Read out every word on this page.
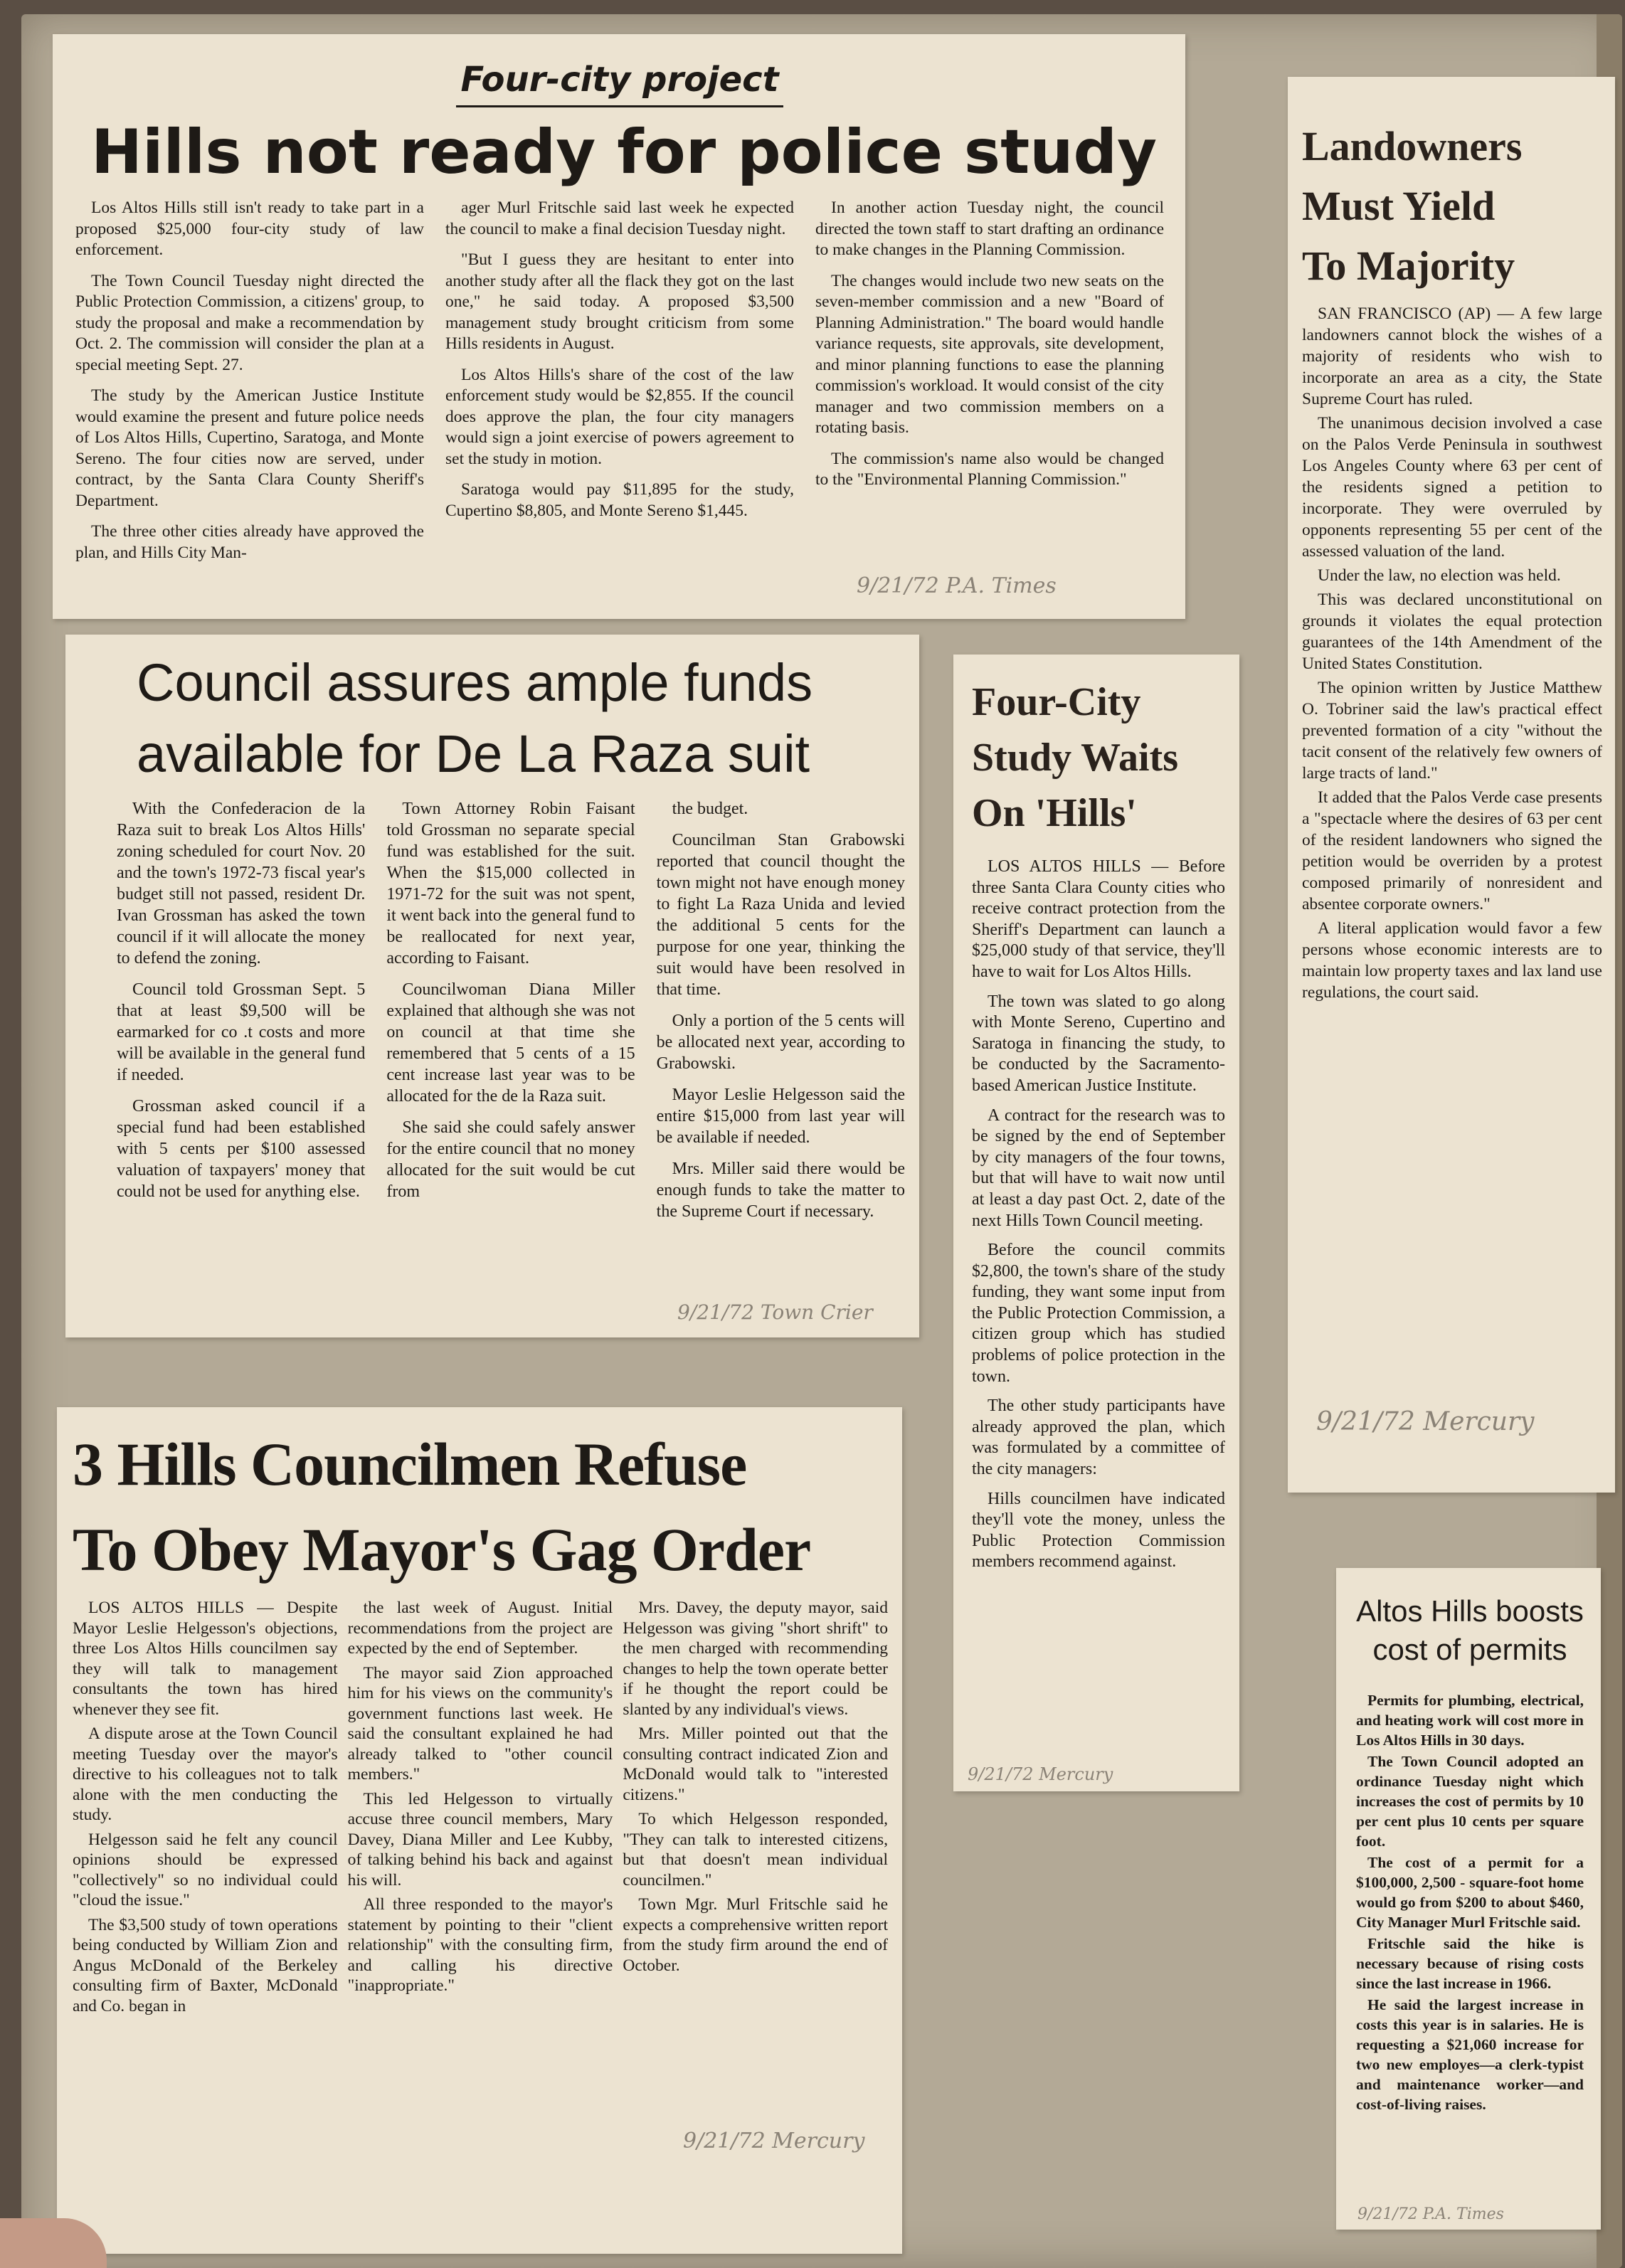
Four-city project
Hills not ready for police study

Los Altos Hills still isn't ready to take part in a proposed $25,000 four-city study of law enforcement.

The Town Council Tuesday night directed the Public Protection Commission, a citizens' group, to study the proposal and make a recommendation by Oct. 2. The commission will consider the plan at a special meeting Sept. 27.

The study by the American Justice Institute would examine the present and future police needs of Los Altos Hills, Cupertino, Saratoga, and Monte Sereno. The four cities now are served, under contract, by the Santa Clara County Sheriff's Department.

The three other cities already have approved the plan, and Hills City Man-

ager Murl Fritschle said last week he expected the council to make a final decision Tuesday night.

"But I guess they are hesitant to enter into another study after all the flack they got on the last one," he said today. A proposed $3,500 management study brought criticism from some Hills residents in August.

Los Altos Hills's share of the cost of the law enforcement study would be $2,855. If the council does approve the plan, the four city managers would sign a joint exercise of powers agreement to set the study in motion.

Saratoga would pay $11,895 for the study, Cupertino $8,805, and Monte Sereno $1,445.

In another action Tuesday night, the council directed the town staff to start drafting an ordinance to make changes in the Planning Commission.

The changes would include two new seats on the seven-member commission and a new "Board of Planning Administration." The board would handle variance requests, site approvals, site development, and minor planning functions to ease the planning commission's workload. It would consist of the city manager and two commission members on a rotating basis.

The commission's name also would be changed to the "Environmental Planning Commission."

9/21/72 P.A. Times
Council assures ample funds available for De La Raza suit

With the Confederacion de la Raza suit to break Los Altos Hills' zoning scheduled for court Nov. 20 and the town's 1972-73 fiscal year's budget still not passed, resident Dr. Ivan Grossman has asked the town council if it will allocate the money to defend the zoning.

Council told Grossman Sept. 5 that at least $9,500 will be earmarked for co .t costs and more will be available in the general fund if needed.

Grossman asked council if a special fund had been established with 5 cents per $100 assessed valuation of taxpayers' money that could not be used for anything else.

Town Attorney Robin Faisant told Grossman no separate special fund was established for the suit. When the $15,000 collected in 1971-72 for the suit was not spent, it went back into the general fund to be reallocated for next year, according to Faisant.

Councilwoman Diana Miller explained that although she was not on council at that time she remembered that 5 cents of a 15 cent increase last year was to be allocated for the de la Raza suit.

She said she could safely answer for the entire council that no money allocated for the suit would be cut from

the budget.

Councilman Stan Grabowski reported that council thought the town might not have enough money to fight La Raza Unida and levied the additional 5 cents for the purpose for one year, thinking the suit would have been resolved in that time.

Only a portion of the 5 cents will be allocated next year, according to Grabowski.

Mayor Leslie Helgesson said the entire $15,000 from last year will be available if needed.

Mrs. Miller said there would be enough funds to take the matter to the Supreme Court if necessary.

9/21/72 Town Crier
3 Hills Councilmen Refuse
To Obey Mayor's Gag Order

LOS ALTOS HILLS — Despite Mayor Leslie Helgesson's objections, three Los Altos Hills councilmen say they will talk to management consultants the town has hired whenever they see fit.

A dispute arose at the Town Council meeting Tuesday over the mayor's directive to his colleagues not to talk alone with the men conducting the study.

Helgesson said he felt any council opinions should be expressed "collectively" so no individual could "cloud the issue."

The $3,500 study of town operations being conducted by William Zion and Angus McDonald of the Berkeley consulting firm of Baxter, McDonald and Co. began in

the last week of August. Initial recommendations from the project are expected by the end of September.

The mayor said Zion approached him for his views on the community's government functions last week. He said the consultant explained he had already talked to "other council members."

This led Helgesson to virtually accuse three council members, Mary Davey, Diana Miller and Lee Kubby, of talking behind his back and against his will.

All three responded to the mayor's statement by pointing to their "client relationship" with the consulting firm, and calling his directive "inappropriate."

Mrs. Davey, the deputy mayor, said Helgesson was giving "short shrift" to the men charged with recommending changes to help the town operate better if he thought the report could be slanted by any individual's views.

Mrs. Miller pointed out that the consulting contract indicated Zion and McDonald would talk to "interested citizens."

To which Helgesson responded, "They can talk to interested citizens, but that doesn't mean individual councilmen."

Town Mgr. Murl Fritschle said he expects a comprehensive written report from the study firm around the end of October.

9/21/72 Mercury
Four-City
Study Waits
On 'Hills'

LOS ALTOS HILLS — Before three Santa Clara County cities who receive contract protection from the Sheriff's Department can launch a $25,000 study of that service, they'll have to wait for Los Altos Hills.

The town was slated to go along with Monte Sereno, Cupertino and Saratoga in financing the study, to be conducted by the Sacramento-based American Justice Institute.

A contract for the research was to be signed by the end of September by city managers of the four towns, but that will have to wait now until at least a day past Oct. 2, date of the next Hills Town Council meeting.

Before the council commits $2,800, the town's share of the study funding, they want some input from the Public Protection Commission, a citizen group which has studied problems of police protection in the town.

The other study participants have already approved the plan, which was formulated by a committee of the city managers:

Hills councilmen have indicated they'll vote the money, unless the Public Protection Commission members recommend against.

9/21/72 Mercury
Landowners
Must Yield
To Majority

SAN FRANCISCO (AP) — A few large landowners cannot block the wishes of a majority of residents who wish to incorporate an area as a city, the State Supreme Court has ruled.

The unanimous decision involved a case on the Palos Verde Peninsula in southwest Los Angeles County where 63 per cent of the residents signed a petition to incorporate. They were overruled by opponents representing 55 per cent of the assessed valuation of the land.

Under the law, no election was held.

This was declared unconstitutional on grounds it violates the equal protection guarantees of the 14th Amendment of the United States Constitution.

The opinion written by Justice Matthew O. Tobriner said the law's practical effect prevented formation of a city "without the tacit consent of the relatively few owners of large tracts of land."

It added that the Palos Verde case presents a "spectacle where the desires of 63 per cent of the resident landowners who signed the petition would be overriden by a protest composed primarily of nonresident and absentee corporate owners."

A literal application would favor a few persons whose economic interests are to maintain low property taxes and lax land use regulations, the court said.

9/21/72 Mercury
Altos Hills boosts
cost of permits

Permits for plumbing, electrical, and heating work will cost more in Los Altos Hills in 30 days.

The Town Council adopted an ordinance Tuesday night which increases the cost of permits by 10 per cent plus 10 cents per square foot.

The cost of a permit for a $100,000, 2,500 - square-foot home would go from $200 to about $460, City Manager Murl Fritschle said.

Fritschle said the hike is necessary because of rising costs since the last increase in 1966.

He said the largest increase in costs this year is in salaries. He is requesting a $21,060 increase for two new employes—a clerk-typist and maintenance worker—and cost-of-living raises.

9/21/72 P.A. Times
